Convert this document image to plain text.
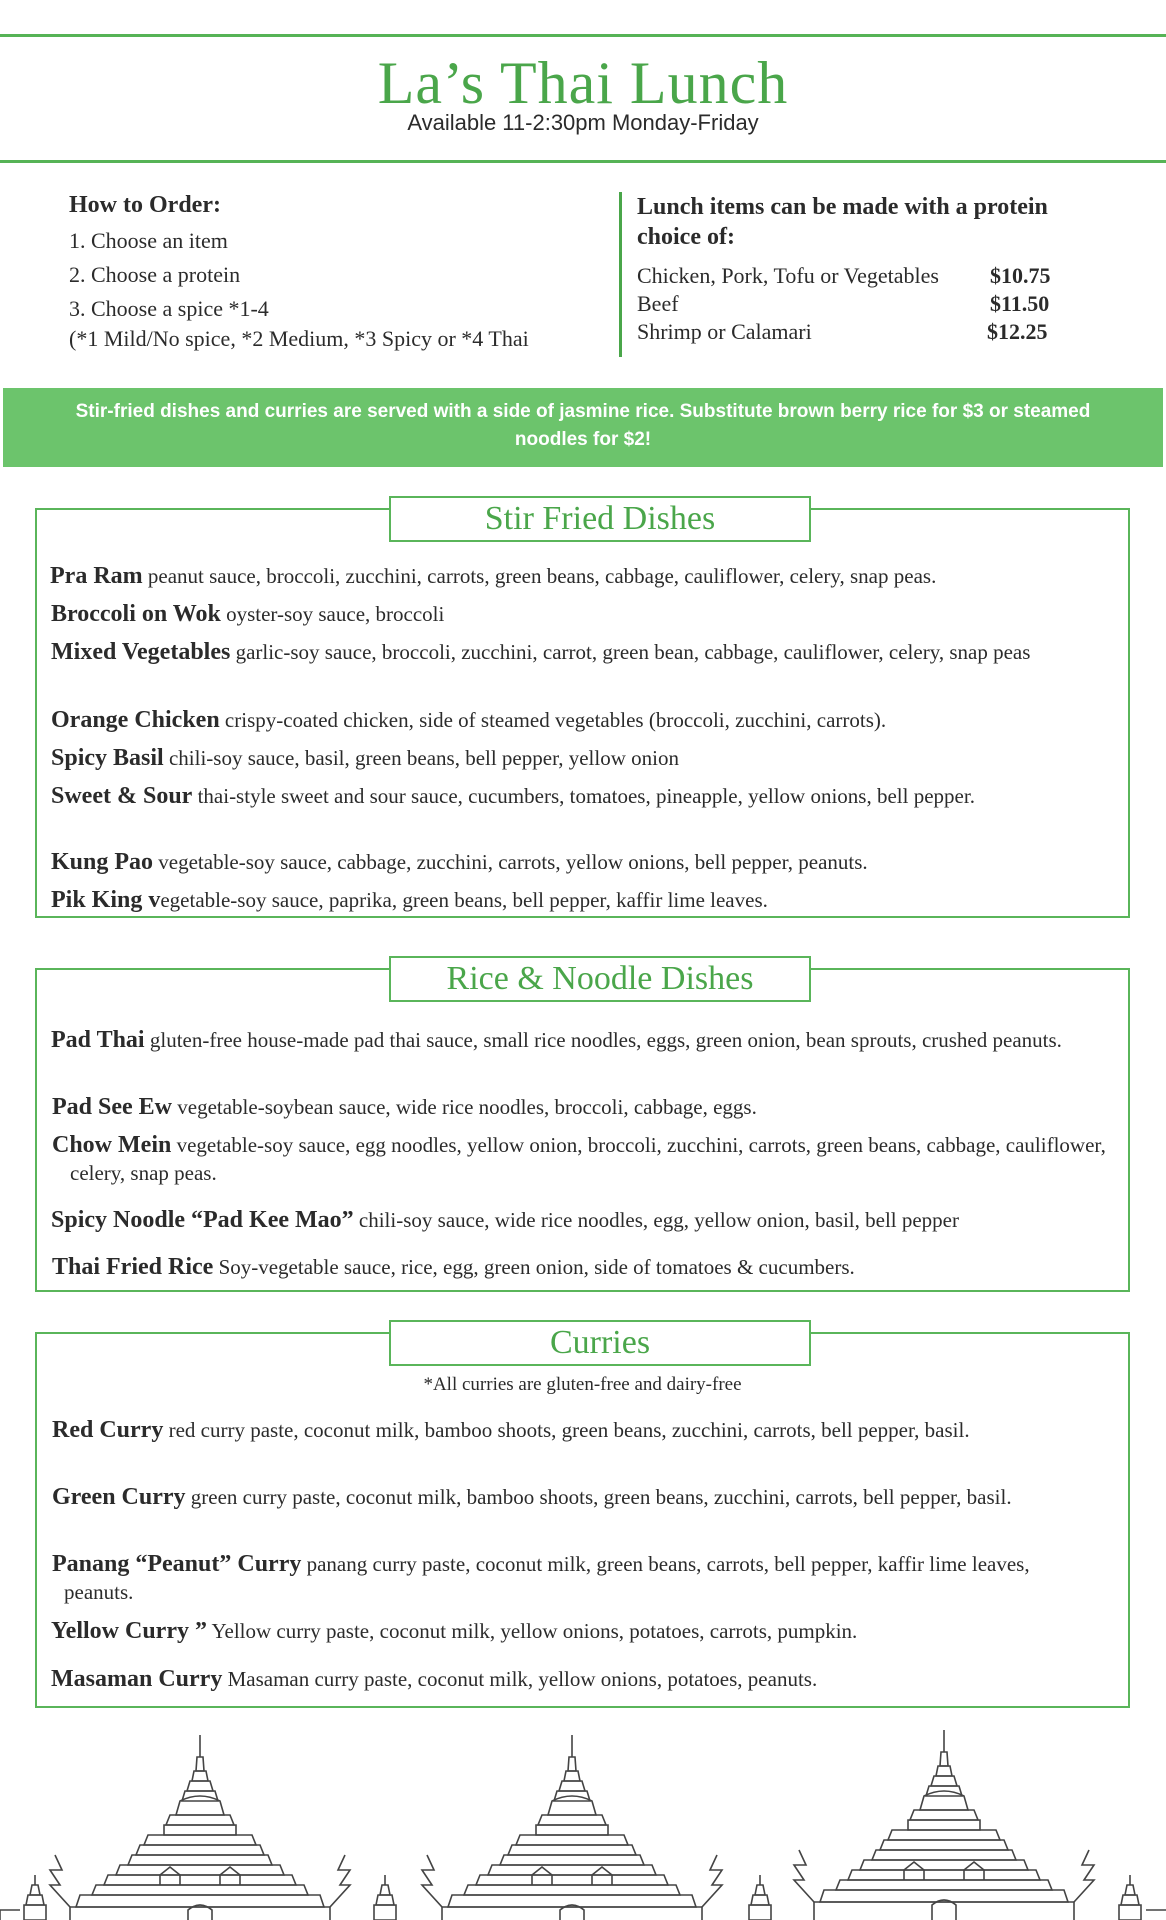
La’s Thai Lunch
Available 11-2:30pm Monday-Friday
How to Order:
1. Choose an item
2. Choose a protein
3. Choose a spice *1-4
(*1 Mild/No spice, *2 Medium, *3 Spicy or *4 Thai
Lunch items can be made with a protein choice of:
Chicken, Pork, Tofu or Vegetables	$10.75
Beef	$11.50
Shrimp or Calamari	$12.25
Stir-fried dishes and curries are served with a side of jasmine rice. Substitute brown berry rice for $3 or steamed noodles for $2!
Stir Fried Dishes
Pra Ram peanut sauce, broccoli, zucchini, carrots, green beans, cabbage, cauliflower, celery, snap peas.
Broccoli on Wok oyster-soy sauce, broccoli
Mixed Vegetables garlic-soy sauce, broccoli, zucchini, carrot, green bean, cabbage, cauliflower, celery, snap peas
Orange Chicken crispy-coated chicken, side of steamed vegetables (broccoli, zucchini, carrots).
Spicy Basil chili-soy sauce, basil, green beans, bell pepper, yellow onion
Sweet & Sour thai-style sweet and sour sauce, cucumbers, tomatoes, pineapple, yellow onions, bell pepper.
Kung Pao vegetable-soy sauce, cabbage, zucchini, carrots, yellow onions, bell pepper, peanuts.
Pik King vegetable-soy sauce, paprika, green beans, bell pepper, kaffir lime leaves.
Rice & Noodle Dishes
Pad Thai gluten-free house-made pad thai sauce, small rice noodles, eggs, green onion, bean sprouts, crushed peanuts.
Pad See Ew vegetable-soybean sauce, wide rice noodles, broccoli, cabbage, eggs.
Chow Mein vegetable-soy sauce, egg noodles, yellow onion, broccoli, zucchini, carrots, green beans, cabbage, cauliflower, celery, snap peas.
Spicy Noodle “Pad Kee Mao” chili-soy sauce, wide rice noodles, egg, yellow onion, basil, bell pepper
Thai Fried Rice Soy-vegetable sauce, rice, egg, green onion, side of tomatoes & cucumbers.
Curries
*All curries are gluten-free and dairy-free
Red Curry red curry paste, coconut milk, bamboo shoots, green beans, zucchini, carrots, bell pepper, basil.
Green Curry green curry paste, coconut milk, bamboo shoots, green beans, zucchini, carrots, bell pepper, basil.
Panang “Peanut” Curry panang curry paste, coconut milk, green beans, carrots, bell pepper, kaffir lime leaves, peanuts.
Yellow Curry ” Yellow curry paste, coconut milk, yellow onions, potatoes, carrots, pumpkin.
Masaman Curry Masaman curry paste, coconut milk, yellow onions, potatoes, peanuts.
